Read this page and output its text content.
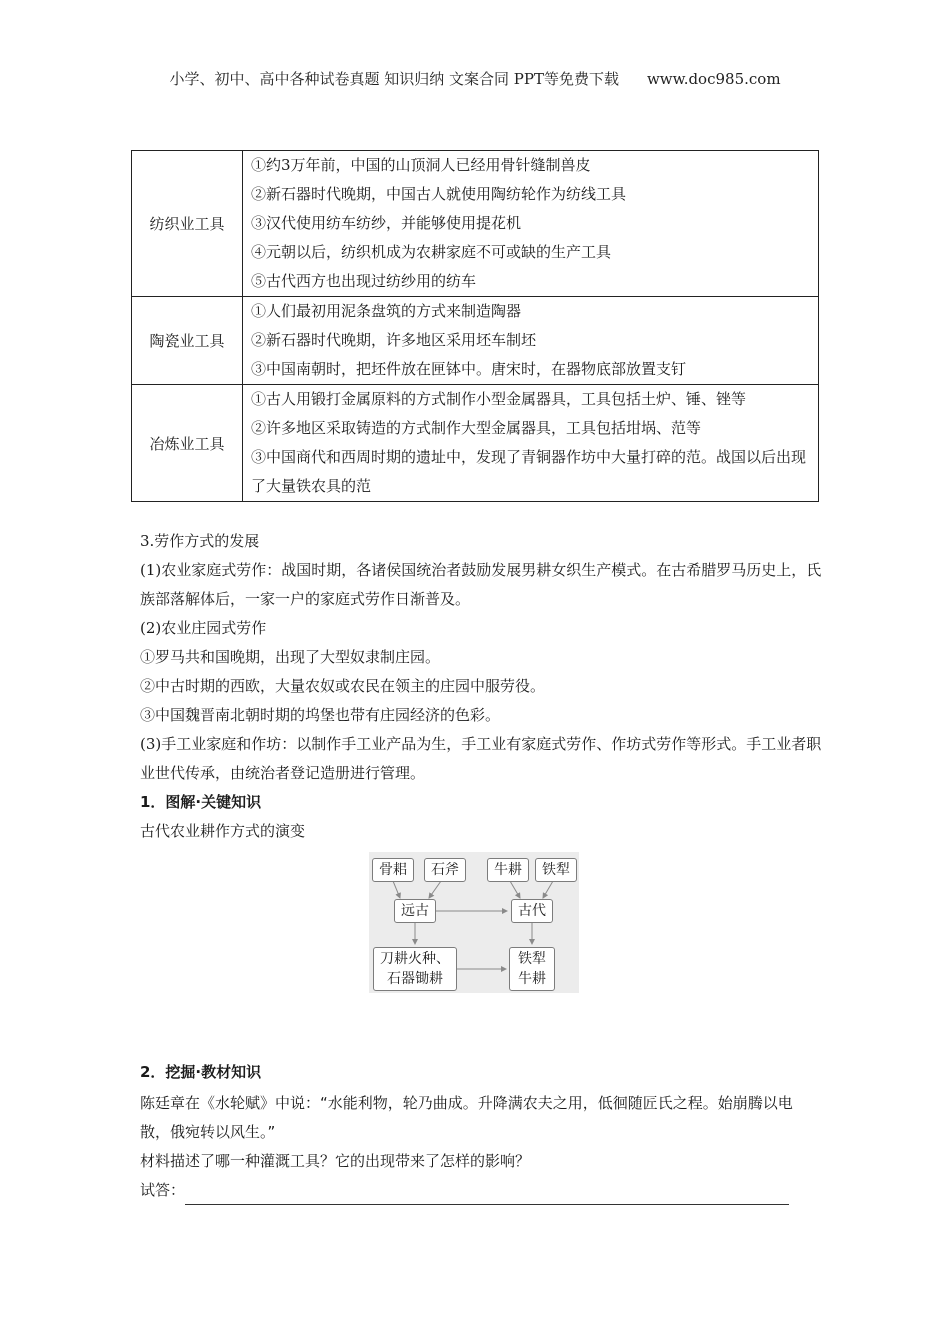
小学、初中、高中各种试卷真题 知识归纳 文案合同 PPT等免费下载 www.doc985.com
纺织业工具	①约3万年前，中国的山顶洞人已经用骨针缝制兽皮
②新石器时代晚期，中国古人就使用陶纺轮作为纺线工具
③汉代使用纺车纺纱，并能够使用提花机
④元朝以后，纺织机成为农耕家庭不可或缺的生产工具
⑤古代西方也出现过纺纱用的纺车

陶瓷业工具	①人们最初用泥条盘筑的方式来制造陶器
②新石器时代晚期，许多地区采用坯车制坯
③中国南朝时，把坯件放在匣钵中。唐宋时，在器物底部放置支钉

冶炼业工具	①古人用锻打金属原料的方式制作小型金属器具，工具包括土炉、锤、锉等
②许多地区采取铸造的方式制作大型金属器具，工具包括坩埚、范等
③中国商代和西周时期的遗址中，发现了青铜器作坊中大量打碎的范。战国以后出现了大量铁农具的范
3.劳作方式的发展
(1)农业家庭式劳作：战国时期，各诸侯国统治者鼓励发展男耕女织生产模式。在古希腊罗马历史上，氏族部落解体后，一家一户的家庭式劳作日渐普及。
(2)农业庄园式劳作
①罗马共和国晚期，出现了大型奴隶制庄园。
②中古时期的西欧，大量农奴或农民在领主的庄园中服劳役。
③中国魏晋南北朝时期的坞堡也带有庄园经济的色彩。
(3)手工业家庭和作坊：以制作手工业产品为生，手工业有家庭式劳作、作坊式劳作等形式。手工业者职业世代传承，由统治者登记造册进行管理。
1．图解·关键知识
古代农业耕作方式的演变
骨耜	石斧	牛耕	铁犁
远古	古代
刀耕火种、
石器锄耕
铁犁
牛耕
2．挖掘·教材知识
陈廷章在《水轮赋》中说：“水能利物，轮乃曲成。升降满农夫之用，低徊随匠氏之程。始崩腾以电散，俄宛转以风生。”
材料描述了哪一种灌溉工具？它的出现带来了怎样的影响？
试答：
